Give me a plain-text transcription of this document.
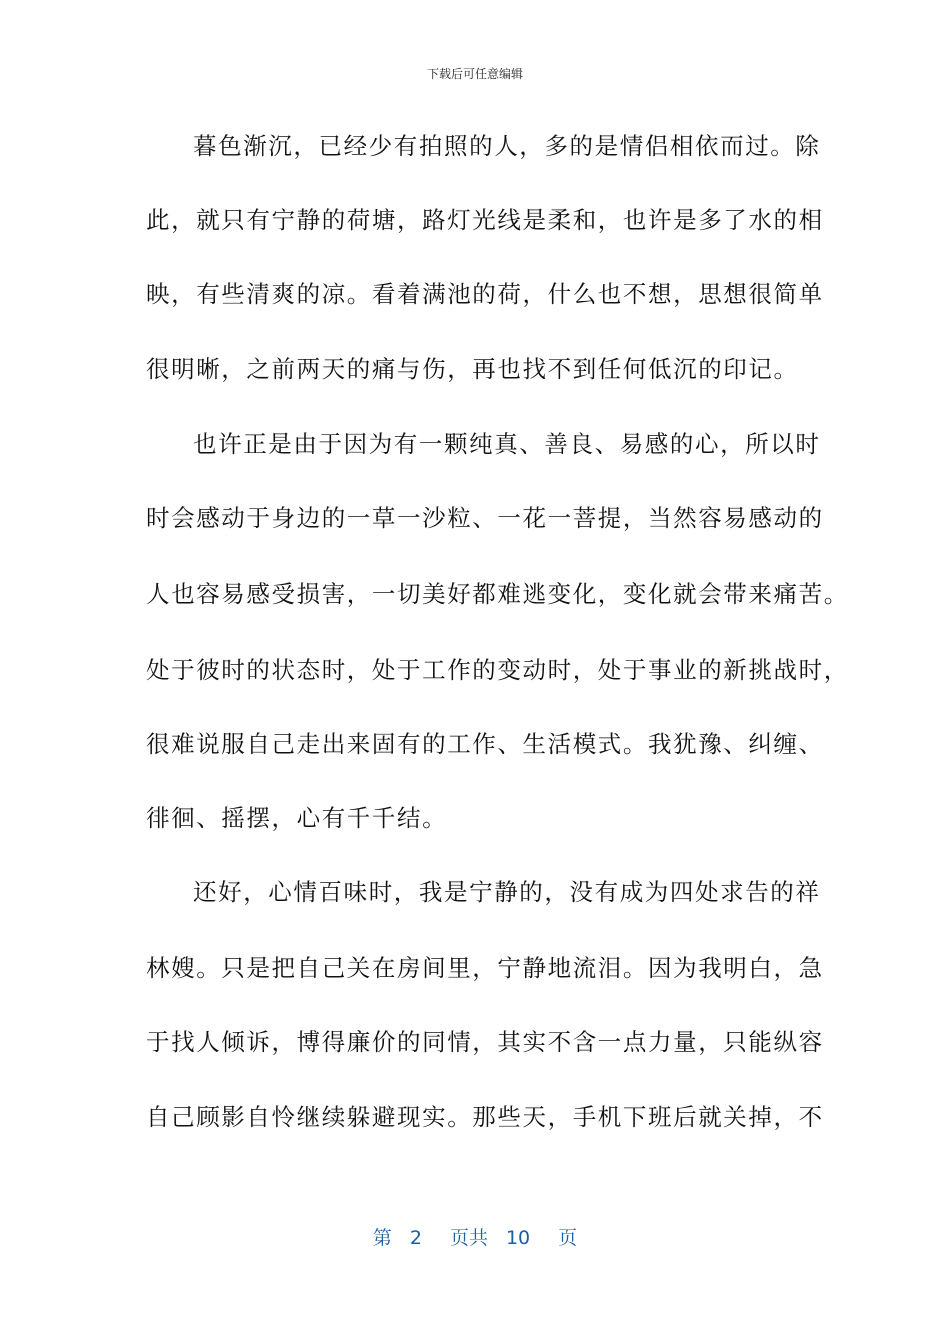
下载后可任意编辑
暮色渐沉，已经少有拍照的人，多的是情侣相依而过。除
此，就只有宁静的荷塘，路灯光线是柔和，也许是多了水的相
映，有些清爽的凉。看着满池的荷，什么也不想，思想很简单
很明晰，之前两天的痛与伤，再也找不到任何低沉的印记。
也许正是由于因为有一颗纯真、善良、易感的心，所以时
时会感动于身边的一草一沙粒、一花一菩提，当然容易感动的
人也容易感受损害，一切美好都难逃变化，变化就会带来痛苦。
处于彼时的状态时，处于工作的变动时，处于事业的新挑战时，
很难说服自己走出来固有的工作、生活模式。我犹豫、纠缠、
徘徊、摇摆，心有千千结。
还好，心情百味时，我是宁静的，没有成为四处求告的祥
林嫂。只是把自己关在房间里，宁静地流泪。因为我明白，急
于找人倾诉，博得廉价的同情，其实不含一点力量，只能纵容
自己顾影自怜继续躲避现实。那些天，手机下班后就关掉，不
第 2 页共 10 页
